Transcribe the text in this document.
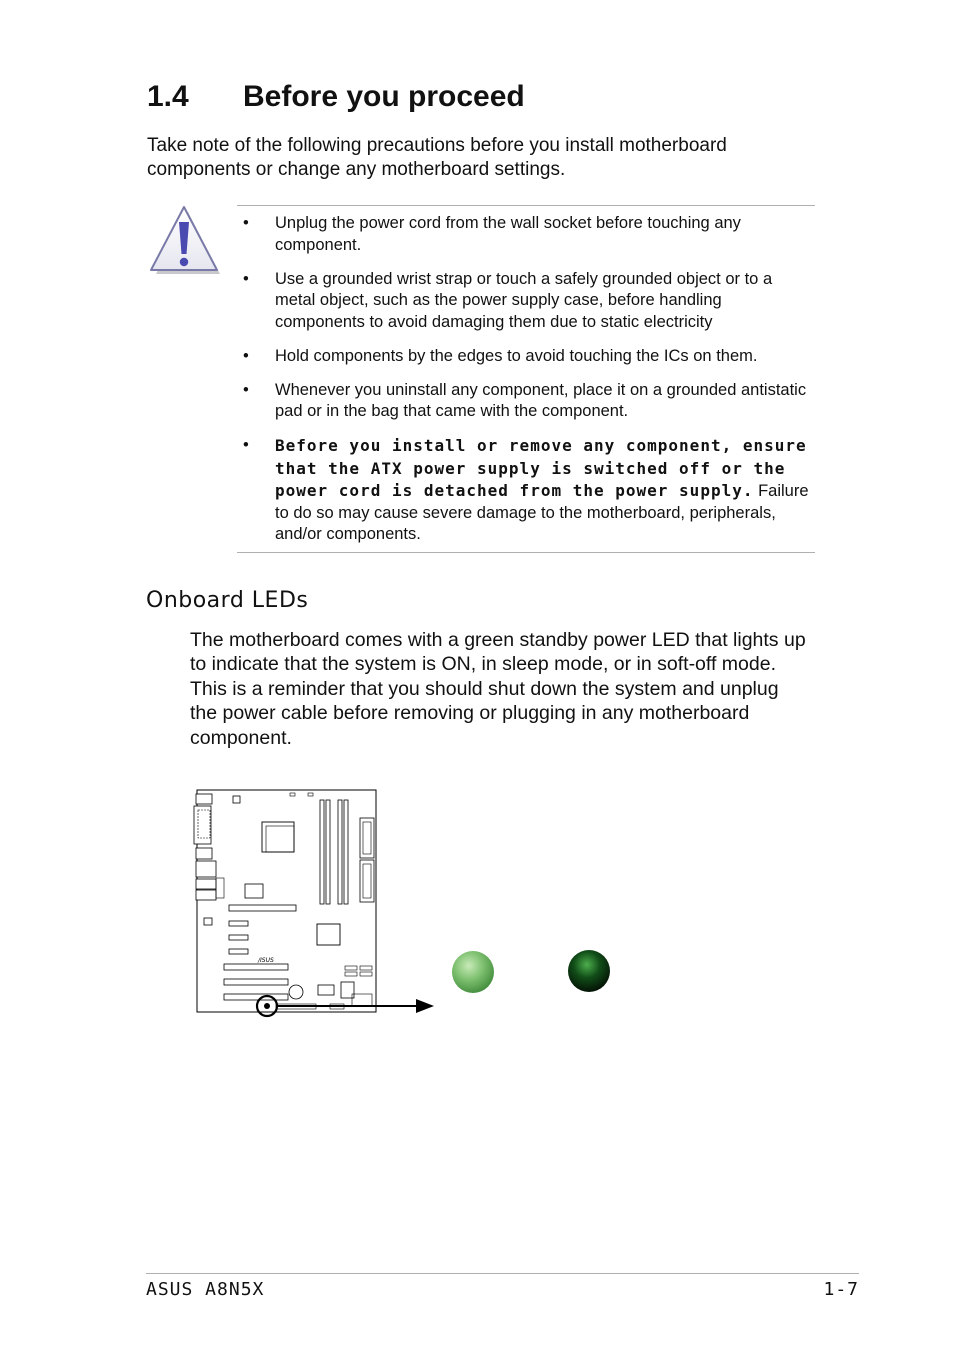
1.4 Before you proceed
Take note of the following precautions before you install motherboard components or change any motherboard settings.
• Unplug the power cord from the wall socket before touching any component.
• Use a grounded wrist strap or touch a safely grounded object or to a metal object, such as the power supply case, before handling components to avoid damaging them due to static electricity
• Hold components by the edges to avoid touching the ICs on them.
• Whenever you uninstall any component, place it on a grounded antistatic pad or in the bag that came with the component.
• Before you install or remove any component, ensure that the ATX power supply is switched off or the power cord is detached from the power supply. Failure to do so may cause severe damage to the motherboard, peripherals, and/or components.
Onboard LEDs
The motherboard comes with a green standby power LED that lights up to indicate that the system is ON, in sleep mode, or in soft-off mode. This is a reminder that you should shut down the system and unplug the power cable before removing or plugging in any motherboard component.
/ISUS
ASUS A8N5X	1-7
